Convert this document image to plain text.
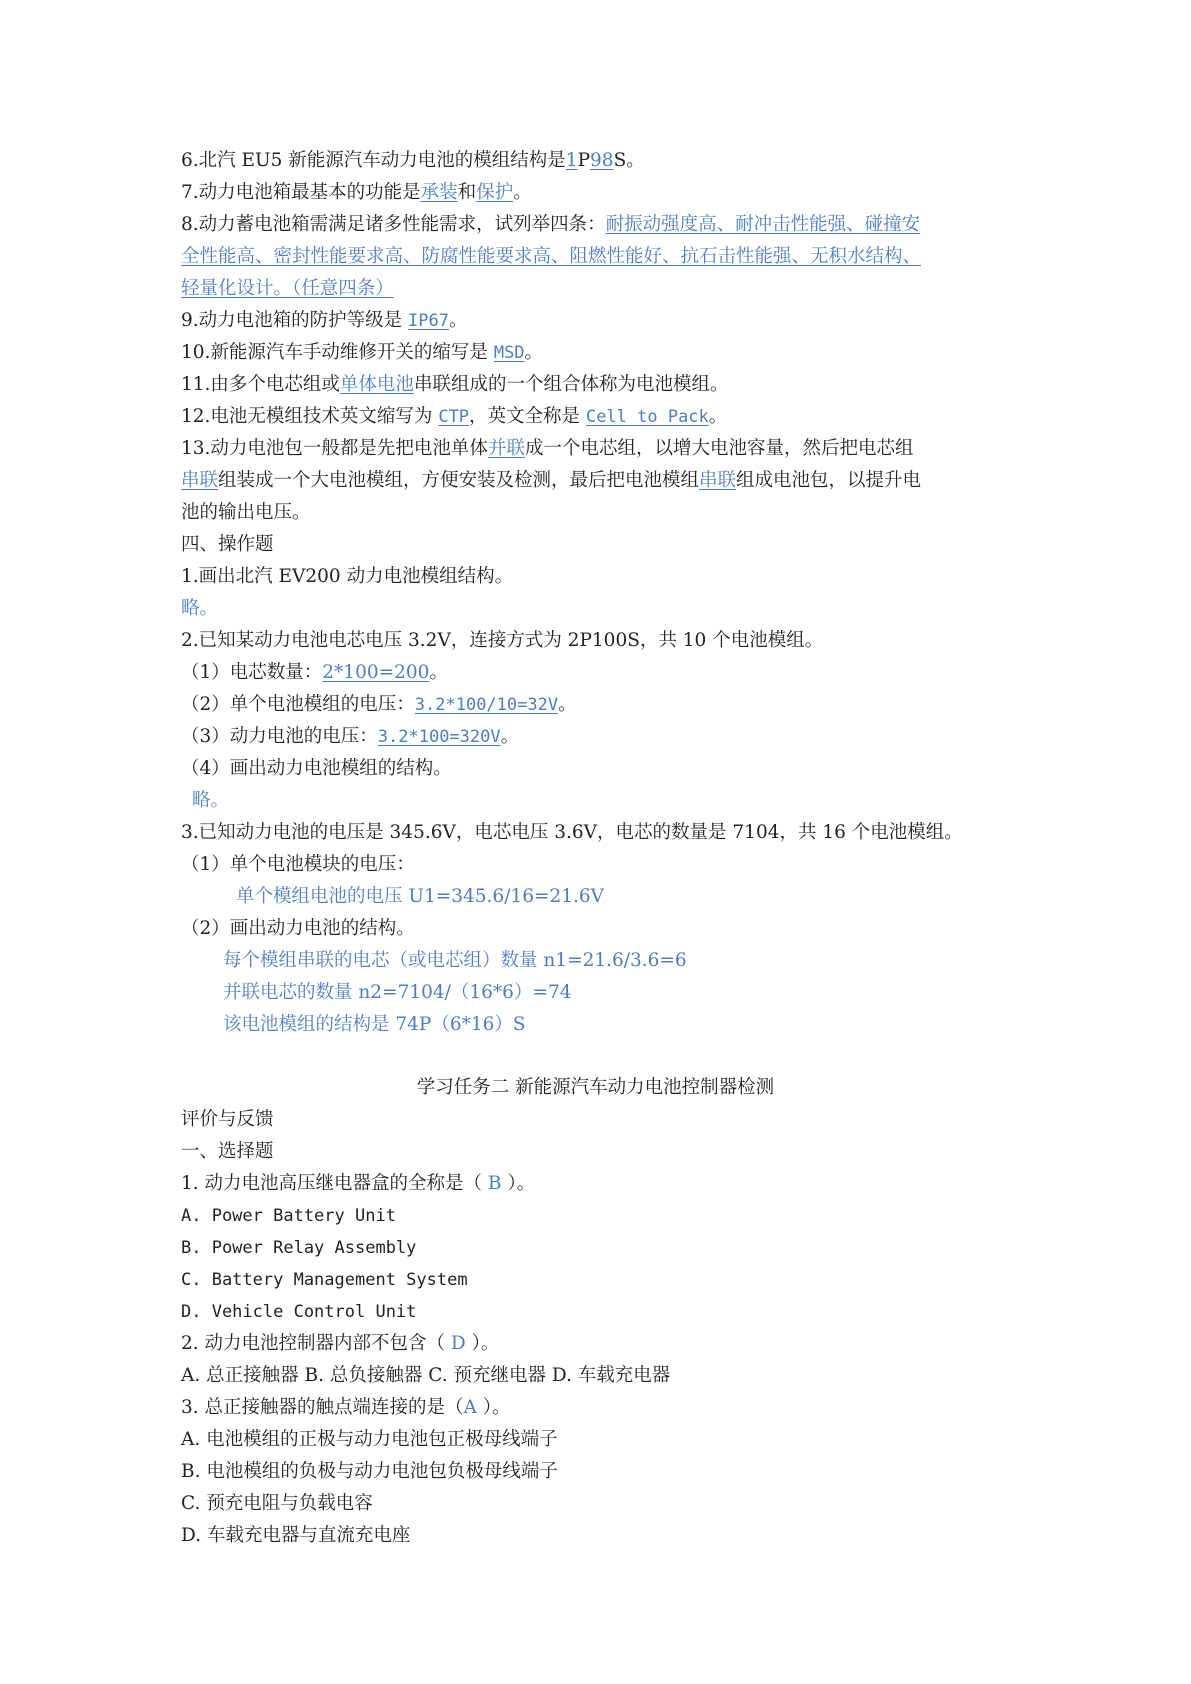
6.北汽 EU5 新能源汽车动力电池的模组结构是1P98S。
7.动力电池箱最基本的功能是承装和保护。
8.动力蓄电池箱需满足诸多性能需求，试列举四条：耐振动强度高、耐冲击性能强、碰撞安
全性能高、密封性能要求高、防腐性能要求高、阻燃性能好、抗石击性能强、无积水结构、
轻量化设计。（任意四条）
9.动力电池箱的防护等级是 IP67。
10.新能源汽车手动维修开关的缩写是 MSD。
11.由多个电芯组或单体电池串联组成的一个组合体称为电池模组。
12.电池无模组技术英文缩写为 CTP，英文全称是 Cell to Pack。
13.动力电池包一般都是先把电池单体并联成一个电芯组，以增大电池容量，然后把电芯组
串联组装成一个大电池模组，方便安装及检测，最后把电池模组串联组成电池包，以提升电
池的输出电压。
四、操作题
1.画出北汽 EV200 动力电池模组结构。
略。
2.已知某动力电池电芯电压 3.2V，连接方式为 2P100S，共 10 个电池模组。
（1）电芯数量：2*100=200。
（2）单个电池模组的电压：3.2*100/10=32V。
（3）动力电池的电压：3.2*100=320V。
（4）画出动力电池模组的结构。
略。
3.已知动力电池的电压是 345.6V，电芯电压 3.6V，电芯的数量是 7104，共 16 个电池模组。
（1）单个电池模块的电压：
单个模组电池的电压 U1=345.6/16=21.6V
（2）画出动力电池的结构。
每个模组串联的电芯（或电芯组）数量 n1=21.6/3.6=6
并联电芯的数量 n2=7104/（16*6）=74
该电池模组的结构是 74P（6*16）S
学习任务二 新能源汽车动力电池控制器检测
评价与反馈
一、选择题
1. 动力电池高压继电器盒的全称是（ B ）。
A. Power Battery Unit
B. Power Relay Assembly
C. Battery Management System
D. Vehicle Control Unit
2. 动力电池控制器内部不包含（ D ）。
A. 总正接触器 B. 总负接触器 C. 预充继电器 D. 车载充电器
3. 总正接触器的触点端连接的是（A ）。
A. 电池模组的正极与动力电池包正极母线端子
B. 电池模组的负极与动力电池包负极母线端子
C. 预充电阻与负载电容
D. 车载充电器与直流充电座
